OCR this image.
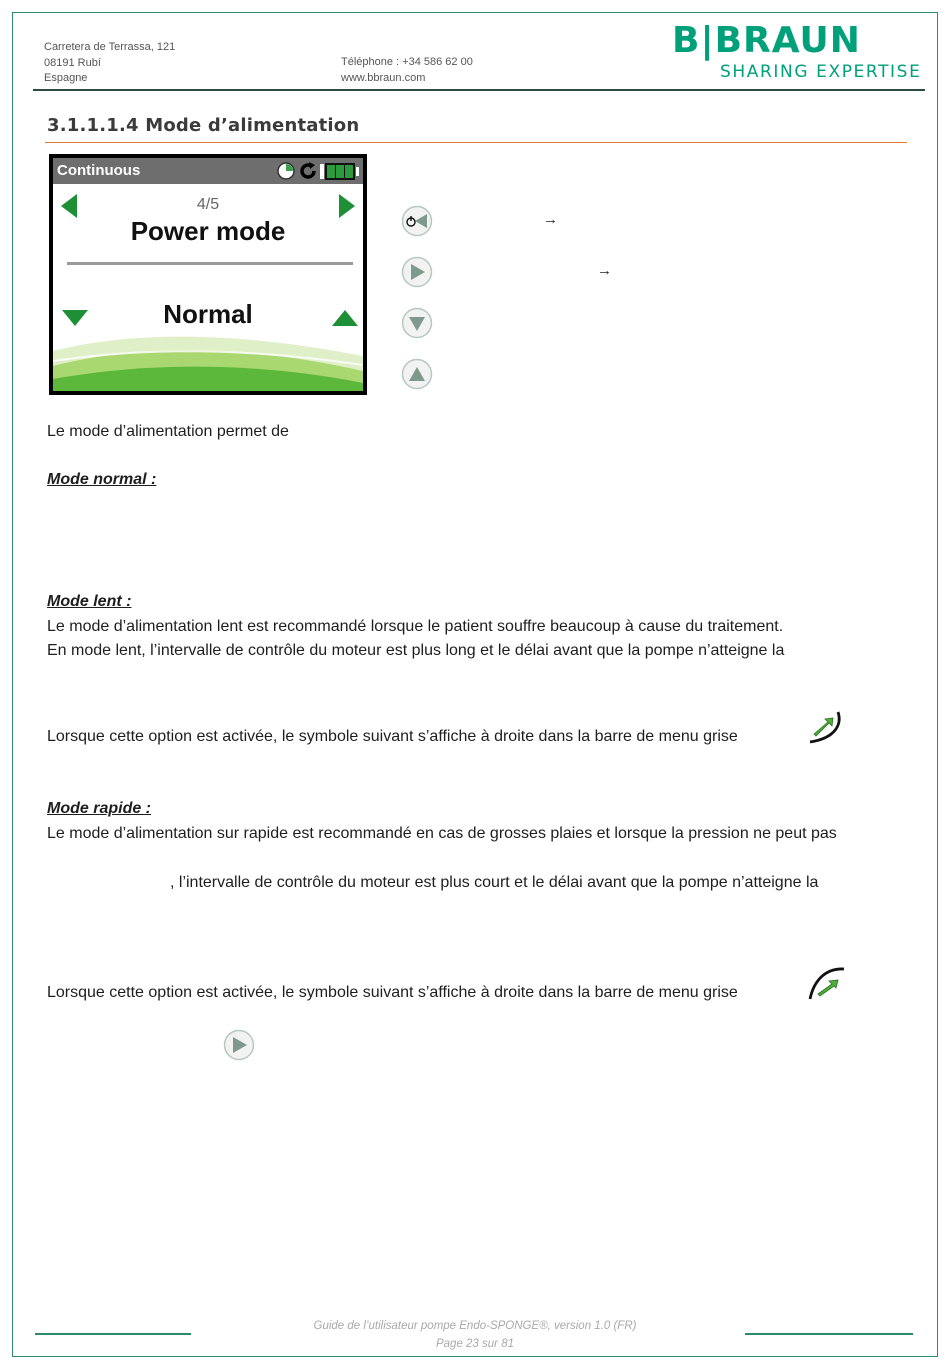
Carretera de Terrassa, 121
08191 Rubí
Espagne
Téléphone : +34 586 62 00
www.bbraun.com
B|BRAUN
SHARING EXPERTISE
3.1.1.1.4 Mode d’alimentation
Continuous
4/5
Power mode
Normal
→
→
Le mode d’alimentation permet de
Mode normal :
Mode lent :
Le mode d’alimentation lent est recommandé lorsque le patient souffre beaucoup à cause du traitement.
En mode lent, l’intervalle de contrôle du moteur est plus long et le délai avant que la pompe n’atteigne la
Lorsque cette option est activée, le symbole suivant s’affiche à droite dans la barre de menu grise
Mode rapide :
Le mode d’alimentation sur rapide est recommandé en cas de grosses plaies et lorsque la pression ne peut pas
, l’intervalle de contrôle du moteur est plus court et le délai avant que la pompe n’atteigne la
Lorsque cette option est activée, le symbole suivant s’affiche à droite dans la barre de menu grise
Guide de l’utilisateur pompe Endo-SPONGE®, version 1.0 (FR)
Page 23 sur 81
